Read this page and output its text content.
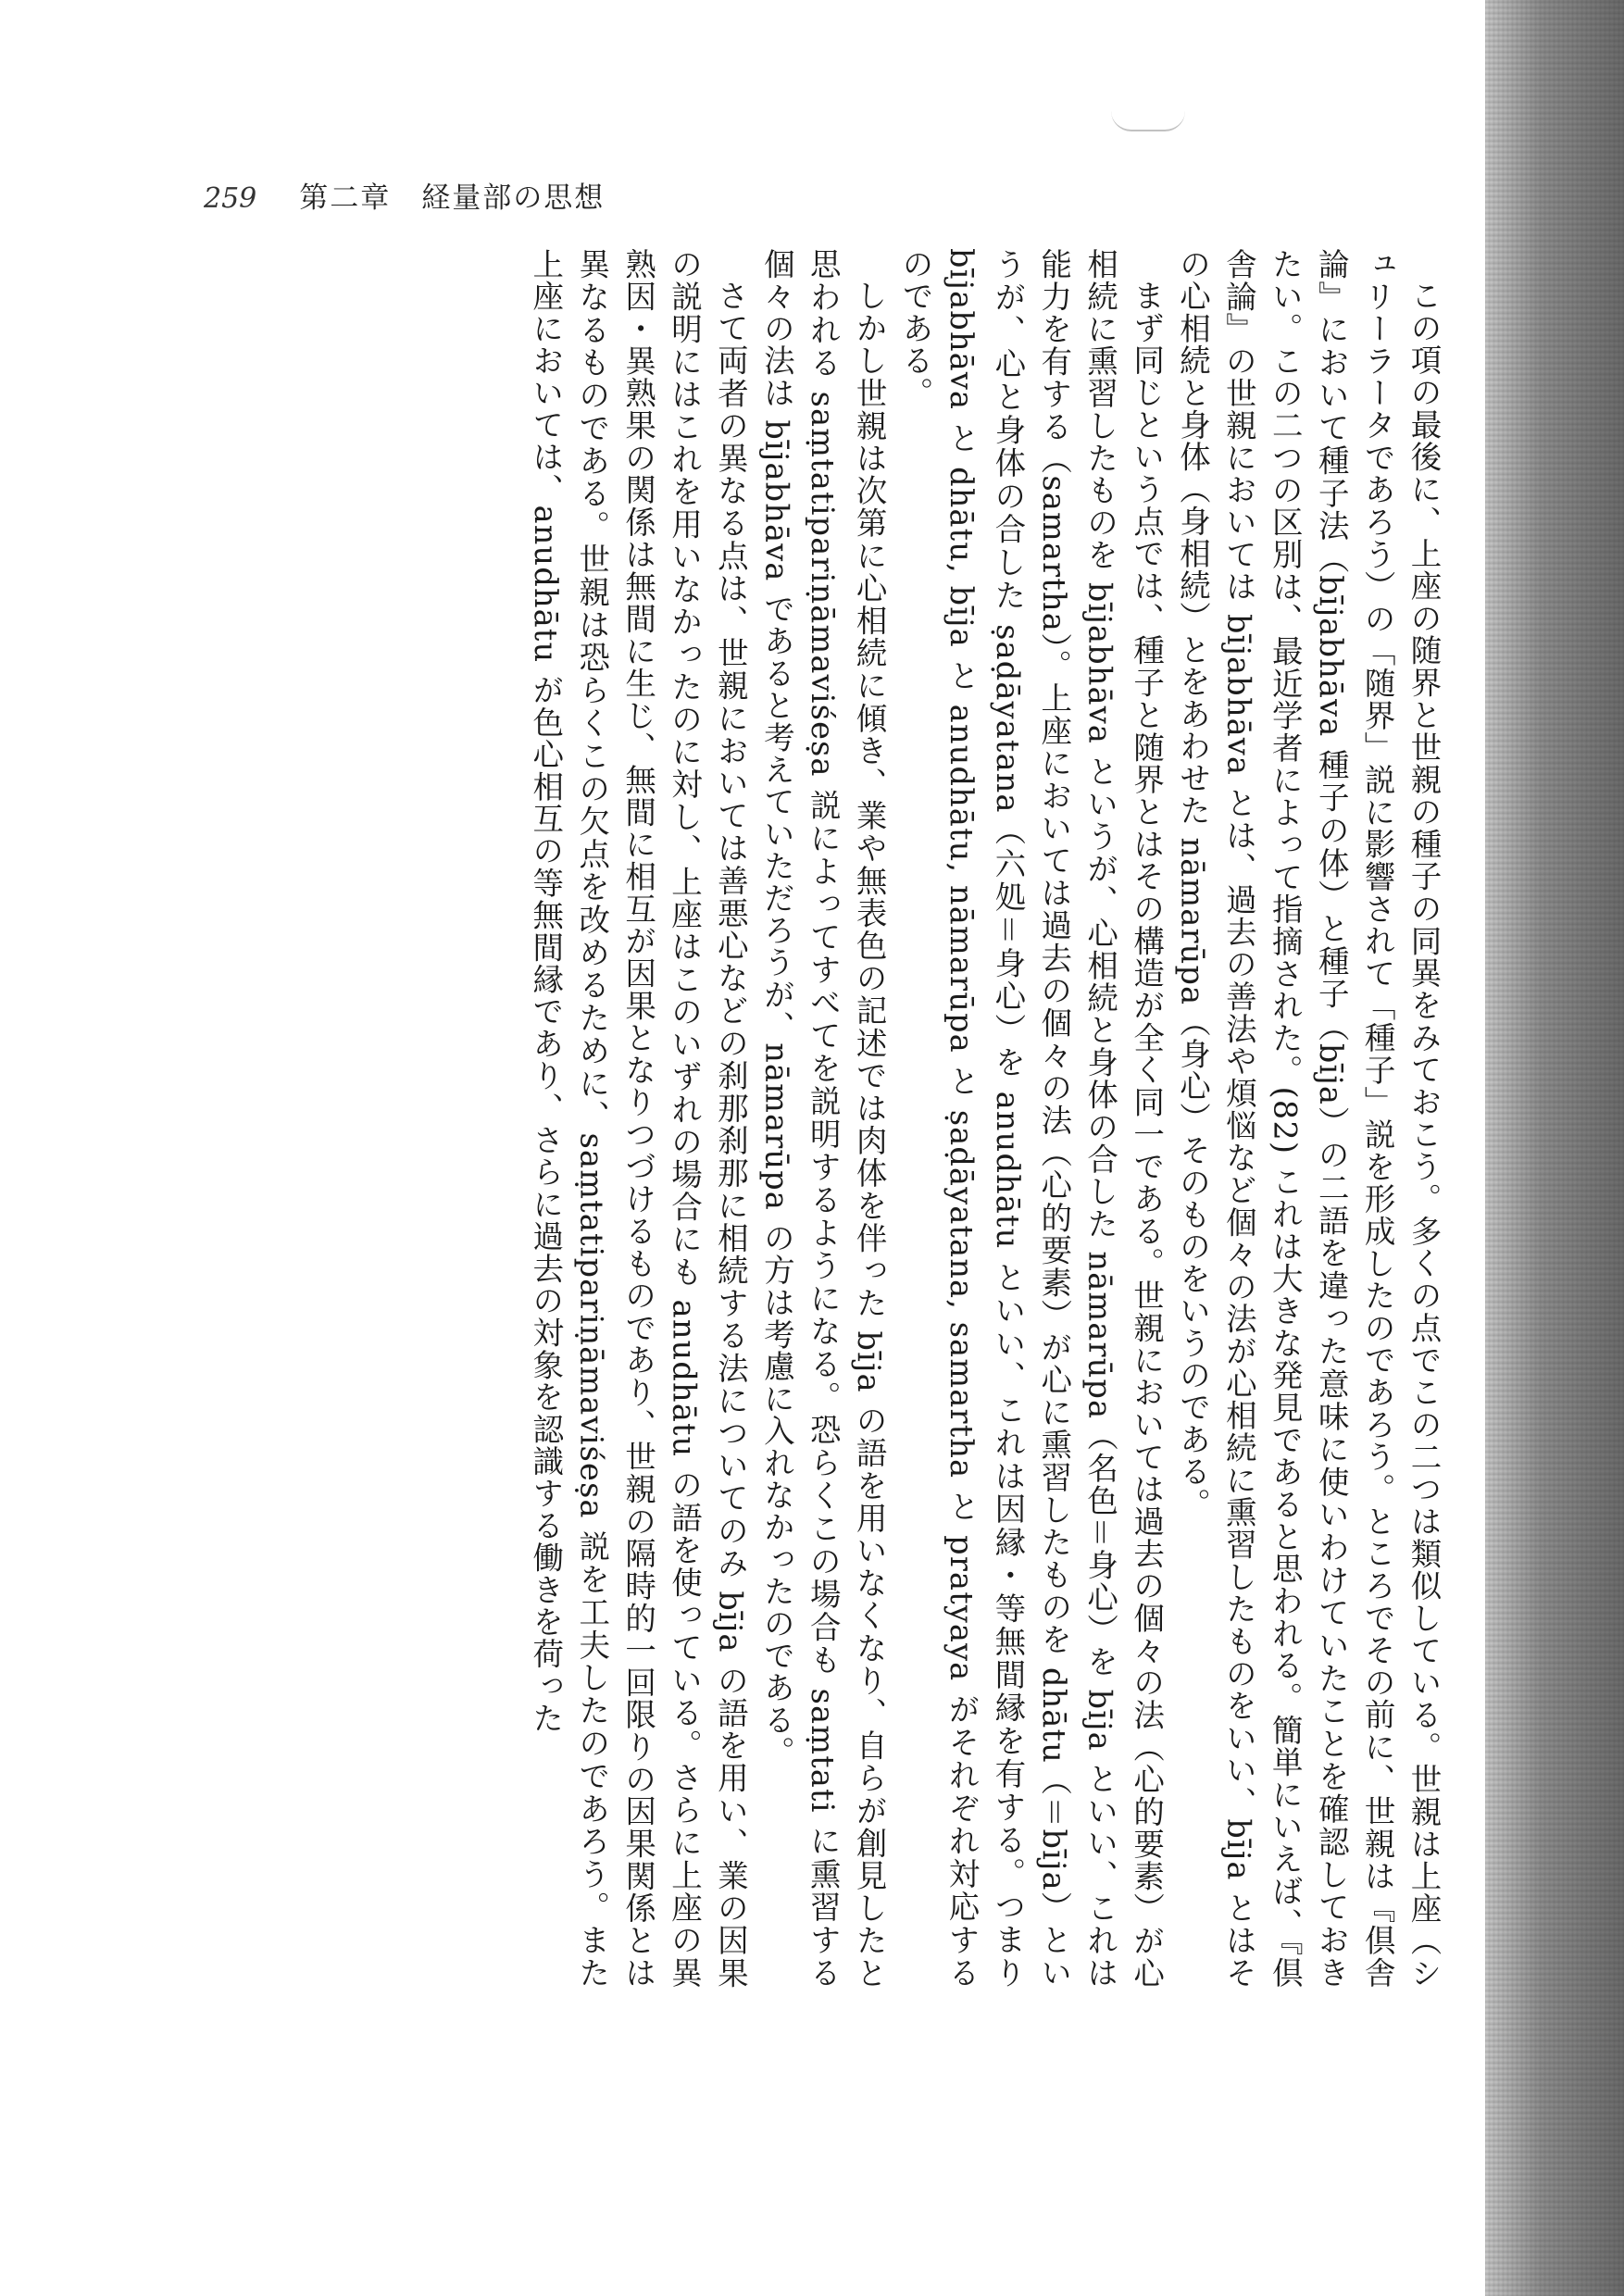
259 第二章　経量部の思想

この項の最後に、上座の随界と世親の種子の同異をみておこう。多くの点でこの二つは類似している。世親は上座（シュリーラータであろう）の「随界」説に影響されて「種子」説を形成したのであろう。ところでその前に、世親は『倶舎論』において種子法（bījabhāva 種子の体）と種子（bīja）の二語を違った意味に使いわけていたことを確認しておきたい。この二つの区別は、最近学者によって指摘された。(82) これは大きな発見であると思われる。簡単にいえば、『倶舎論』の世親においては bījabhāva とは、過去の善法や煩悩など個々の法が心相続に熏習したものをいい、bīja とはその心相続と身体（身相続）とをあわせた nāmarūpa（身心）そのものをいうのである。

まず同じという点では、種子と随界とはその構造が全く同一である。世親においては過去の個々の法（心的要素）が心相続に熏習したものを bījabhāva というが、心相続と身体の合した nāmarūpa（名色＝身心）を bīja といい、これは能力を有する（samartha）。上座においては過去の個々の法（心的要素）が心に熏習したものを dhātu（＝bīja）というが、心と身体の合した ṣaḍāyatana（六処＝身心）を anudhātu といい、これは因縁・等無間縁を有する。つまり bījabhāva と dhātu, bīja と anudhātu, nāmarūpa と ṣaḍāyatana, samartha と pratyaya がそれぞれ対応するのである。

しかし世親は次第に心相続に傾き、業や無表色の記述では肉体を伴った bīja の語を用いなくなり、自らが創見したと思われる saṃtatipariṇāmaviśeṣa 説によってすべてを説明するようになる。恐らくこの場合も saṃtati に熏習する個々の法は bījabhāva であると考えていただろうが、nāmarūpa の方は考慮に入れなかったのである。

さて両者の異なる点は、世親においては善悪心などの刹那刹那に相続する法についてのみ bīja の語を用い、業の因果の説明にはこれを用いなかったのに対し、上座はこのいずれの場合にも anudhātu の語を使っている。さらに上座の異熟因・異熟果の関係は無間に生じ、無間に相互が因果となりつづけるものであり、世親の隔時的一回限りの因果関係とは異なるものである。世親は恐らくこの欠点を改めるために、saṃtatipariṇāmaviśeṣa 説を工夫したのであろう。また上座においては、anudhātu が色心相互の等無間縁であり、さらに過去の対象を認識する働きを荷った
